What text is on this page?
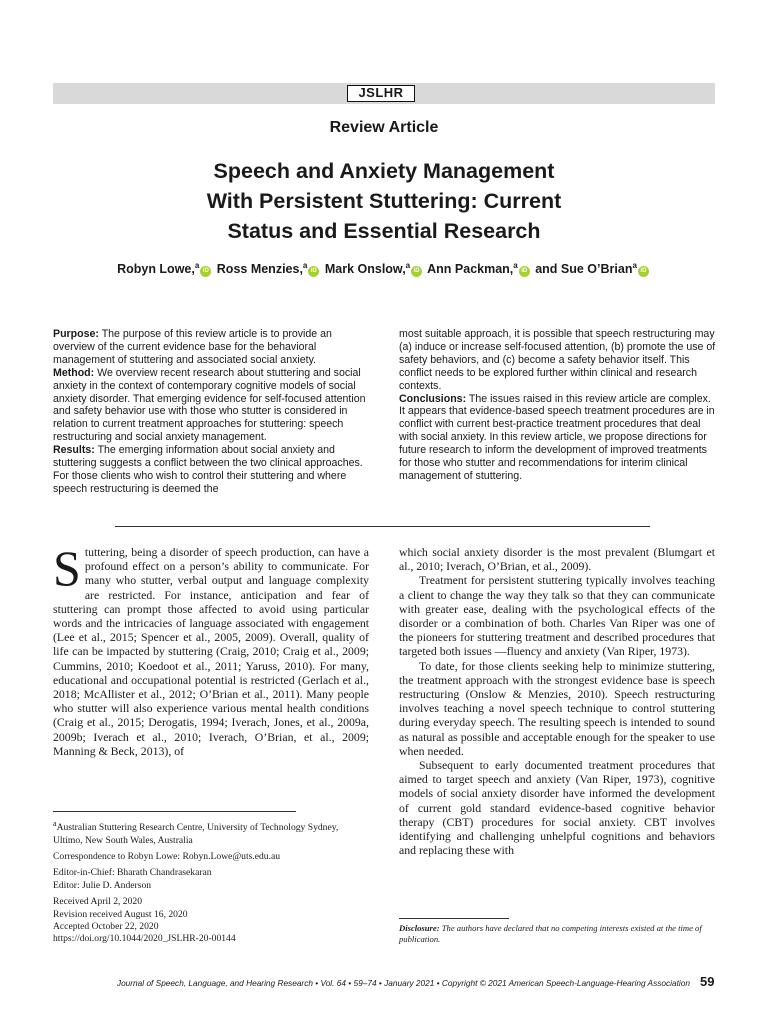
JSLHR
Review Article
Speech and Anxiety Management
With Persistent Stuttering: Current
Status and Essential Research
Robyn Lowe,$^a$iD Ross Menzies,$^a$iD Mark Onslow,$^a$iD Ann Packman,$^a$iD and Sue O’Brian$^a$iD
Purpose: The purpose of this review article is to provide an overview of the current evidence base for the behavioral management of stuttering and associated social anxiety.
Method: We overview recent research about stuttering and social anxiety in the context of contemporary cognitive models of social anxiety disorder. That emerging evidence for self-focused attention and safety behavior use with those who stutter is considered in relation to current treatment approaches for stuttering: speech restructuring and social anxiety management.
Results: The emerging information about social anxiety and stuttering suggests a conflict between the two clinical approaches. For those clients who wish to control their stuttering and where speech restructuring is deemed the
most suitable approach, it is possible that speech restructuring may (a) induce or increase self-focused attention, (b) promote the use of safety behaviors, and (c) become a safety behavior itself. This conflict needs to be explored further within clinical and research contexts.
Conclusions: The issues raised in this review article are complex. It appears that evidence-based speech treatment procedures are in conflict with current best-practice treatment procedures that deal with social anxiety. In this review article, we propose directions for future research to inform the development of improved treatments for those who stutter and recommendations for interim clinical management of stuttering.

Stuttering, being a disorder of speech production, can have a profound effect on a person’s ability to communicate. For many who stutter, verbal output and language complexity are restricted. For instance, anticipation and fear of stuttering can prompt those affected to avoid using particular words and the intricacies of language associated with engagement (Lee et al., 2015; Spencer et al., 2005, 2009). Overall, quality of life can be impacted by stuttering (Craig, 2010; Craig et al., 2009; Cummins, 2010; Koedoot et al., 2011; Yaruss, 2010). For many, educational and occupational potential is restricted (Gerlach et al., 2018; McAllister et al., 2012; O’Brian et al., 2011). Many people who stutter will also experience various mental health conditions (Craig et al., 2015; Derogatis, 1994; Iverach, Jones, et al., 2009a, 2009b; Iverach et al., 2010; Iverach, O’Brian, et al., 2009; Manning & Beck, 2013), of

which social anxiety disorder is the most prevalent (Blumgart et al., 2010; Iverach, O’Brian, et al., 2009).

Treatment for persistent stuttering typically involves teaching a client to change the way they talk so that they can communicate with greater ease, dealing with the psychological effects of the disorder or a combination of both. Charles Van Riper was one of the pioneers for stuttering treatment and described procedures that targeted both issues —fluency and anxiety (Van Riper, 1973).

To date, for those clients seeking help to minimize stuttering, the treatment approach with the strongest evidence base is speech restructuring (Onslow & Menzies, 2010). Speech restructuring involves teaching a novel speech technique to control stuttering during everyday speech. The resulting speech is intended to sound as natural as possible and acceptable enough for the speaker to use when needed.

Subsequent to early documented treatment procedures that aimed to target speech and anxiety (Van Riper, 1973), cognitive models of social anxiety disorder have informed the development of current gold standard evidence-based cognitive behavior therapy (CBT) procedures for social anxiety. CBT involves identifying and challenging unhelpful cognitions and behaviors and replacing these with

$^a$Australian Stuttering Research Centre, University of Technology Sydney, Ultimo, New South Wales, Australia
Correspondence to Robyn Lowe: Robyn.Lowe@uts.edu.au
Editor-in-Chief: Bharath Chandrasekaran
Editor: Julie D. Anderson
Received April 2, 2020
Revision received August 16, 2020
Accepted October 22, 2020
https://doi.org/10.1044/2020_JSLHR-20-00144
Disclosure: The authors have declared that no competing interests existed at the time of publication.
Journal of Speech, Language, and Hearing Research • Vol. 64 • 59–74 • January 2021 • Copyright © 2021 American Speech-Language-Hearing Association 59
